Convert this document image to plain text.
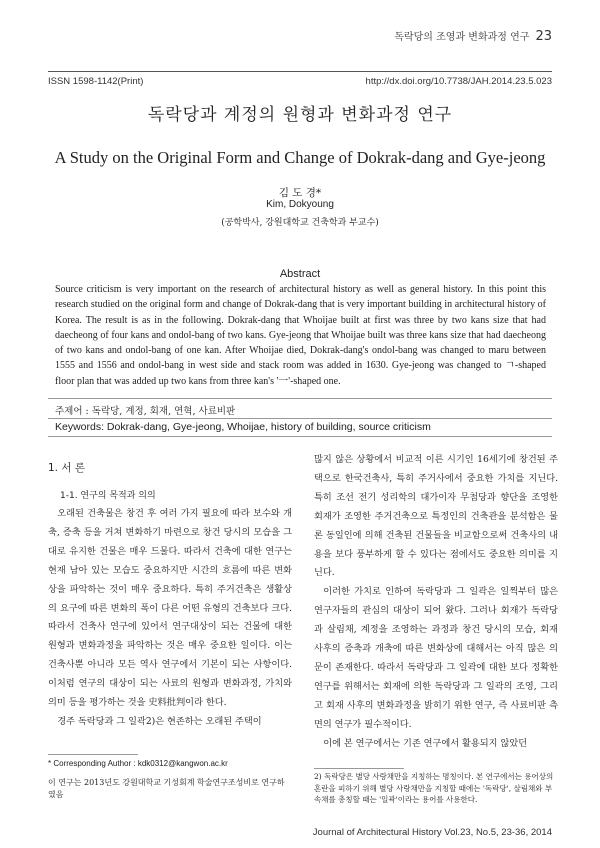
독락당의 조영과 변화과정 연구 23
ISSN 1598-1142(Print)	http://dx.doi.org/10.7738/JAH.2014.23.5.023
독락당과 계정의 원형과 변화과정 연구
A Study on the Original Form and Change of Dokrak-dang and Gye-jeong
김 도 경*
Kim, Dokyoung
(공학박사, 강원대학교 건축학과 부교수)
Abstract

Source criticism is very important on the research of architectural history as well as general history. In this point this research studied on the original form and change of Dokrak-dang that is very important building in architectural history of Korea. The result is as in the following. Dokrak-dang that Whoijae built at first was three by two kans size that had daecheong of four kans and ondol-bang of two kans. Gye-jeong that Whoijae built was three kans size that had daecheong of two kans and ondol-bang of one kan. After Whoijae died, Dokrak-dang's ondol-bang was changed to maru between 1555 and 1556 and ondol-bang in west side and stack room was added in 1630. Gye-jeong was changed to ㄱ-shaped floor plan that was added up two kans from three kan's '一'-shaped one.

주제어 : 독락당, 계정, 회재, 연혁, 사료비판
Keywords: Dokrak-dang, Gye-jeong, Whoijae, history of building, source criticism
1. 서 론

오래된 건축물은 창건 후 여러 가지 필요에 따라 보수와 개축, 증축 등을 거쳐 변화하기 마련으로 창건 당시의 모습을 그대로 유지한 건물은 매우 드물다. 따라서 건축에 대한 연구는 현재 남아 있는 모습도 중요하지만 시간의 흐름에 따른 변화상을 파악하는 것이 매우 중요하다. 특히 주거건축은 생활상의 요구에 따른 변화의 폭이 다른 어떤 유형의 건축보다 크다. 따라서 건축사 연구에 있어서 연구대상이 되는 건물에 대한 원형과 변화과정을 파악하는 것은 매우 중요한 일이다. 이는 건축사뿐 아니라 모든 역사 연구에서 기본이 되는 사항이다. 이처럼 연구의 대상이 되는 사료의 원형과 변화과정, 가치와 의미 등을 평가하는 것을 史料批判이라 한다.

경주 독락당과 그 일곽2)은 현존하는 오래된 주택이

1-1. 연구의 목적과 의의

많지 않은 상황에서 비교적 이른 시기인 16세기에 창건된 주택으로 한국건축사, 특히 주거사에서 중요한 가치를 지닌다. 특히 조선 전기 성리학의 대가이자 무첨당과 향단을 조영한 회재가 조영한 주거건축으로 특정인의 건축관을 분석함은 물론 동일인에 의해 건축된 건물들을 비교함으로써 건축사의 내용을 보다 풍부하게 할 수 있다는 점에서도 중요한 의미를 지닌다.

이러한 가치로 인하여 독락당과 그 일곽은 일찍부터 많은 연구자들의 관심의 대상이 되어 왔다. 그러나 회재가 독락당과 살림채, 계정을 조영하는 과정과 창건 당시의 모습, 회재 사후의 증축과 개축에 따른 변화상에 대해서는 아직 많은 의문이 존재한다. 따라서 독락당과 그 일곽에 대한 보다 정확한 연구를 위해서는 회재에 의한 독락당과 그 일곽의 조영, 그리고 회재 사후의 변화과정을 밝히기 위한 연구, 즉 사료비판 측면의 연구가 필수적이다.

이에 본 연구에서는 기존 연구에서 활용되지 않았던

* Corresponding Author : kdk0312@kangwon.ac.kr
이 연구는 2013년도 강원대학교 기성회계 학술연구조성비로 연구하였음
2) 독락당은 별당 사랑채만을 지칭하는 명칭이다. 본 연구에서는 용어상의 혼란을 피하기 위해 별당 사랑채만을 지칭할 때에는 '독락당', 살림채와 부속채를 총칭할 때는 '일곽'이라는 용어를 사용한다.
Journal of Architectural History Vol.23, No.5, 23-36, 2014
